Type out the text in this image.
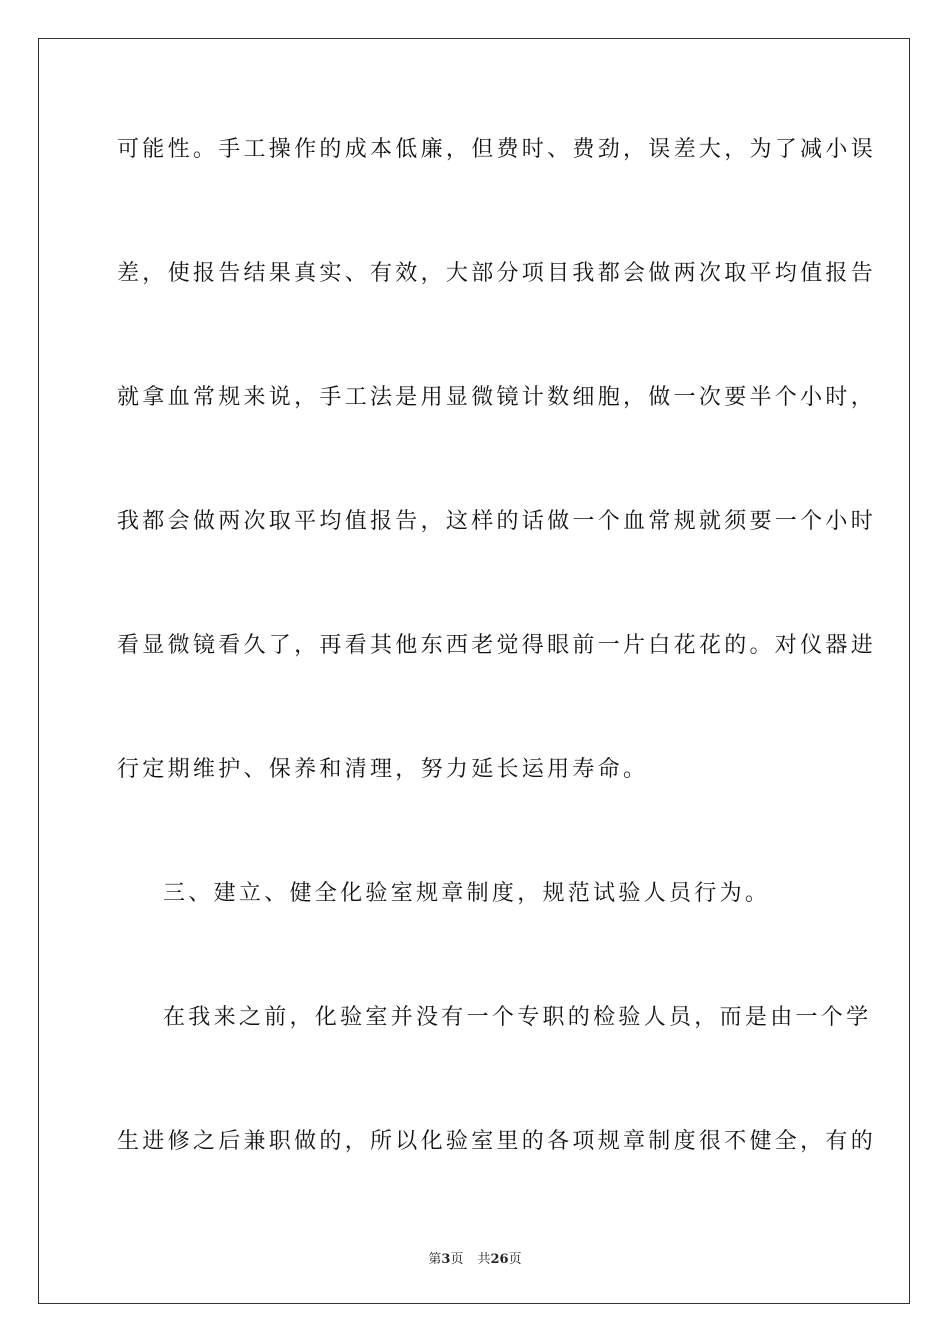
可能性。手工操作的成本低廉，但费时、费劲，误差大，为了减小误
差，使报告结果真实、有效，大部分项目我都会做两次取平均值报告
就拿血常规来说，手工法是用显微镜计数细胞，做一次要半个小时，
我都会做两次取平均值报告，这样的话做一个血常规就须要一个小时
看显微镜看久了，再看其他东西老觉得眼前一片白花花的。对仪器进
行定期维护、保养和清理，努力延长运用寿命。
三、建立、健全化验室规章制度，规范试验人员行为。
在我来之前，化验室并没有一个专职的检验人员，而是由一个学
生进修之后兼职做的，所以化验室里的各项规章制度很不健全，有的
第3页 共26页
